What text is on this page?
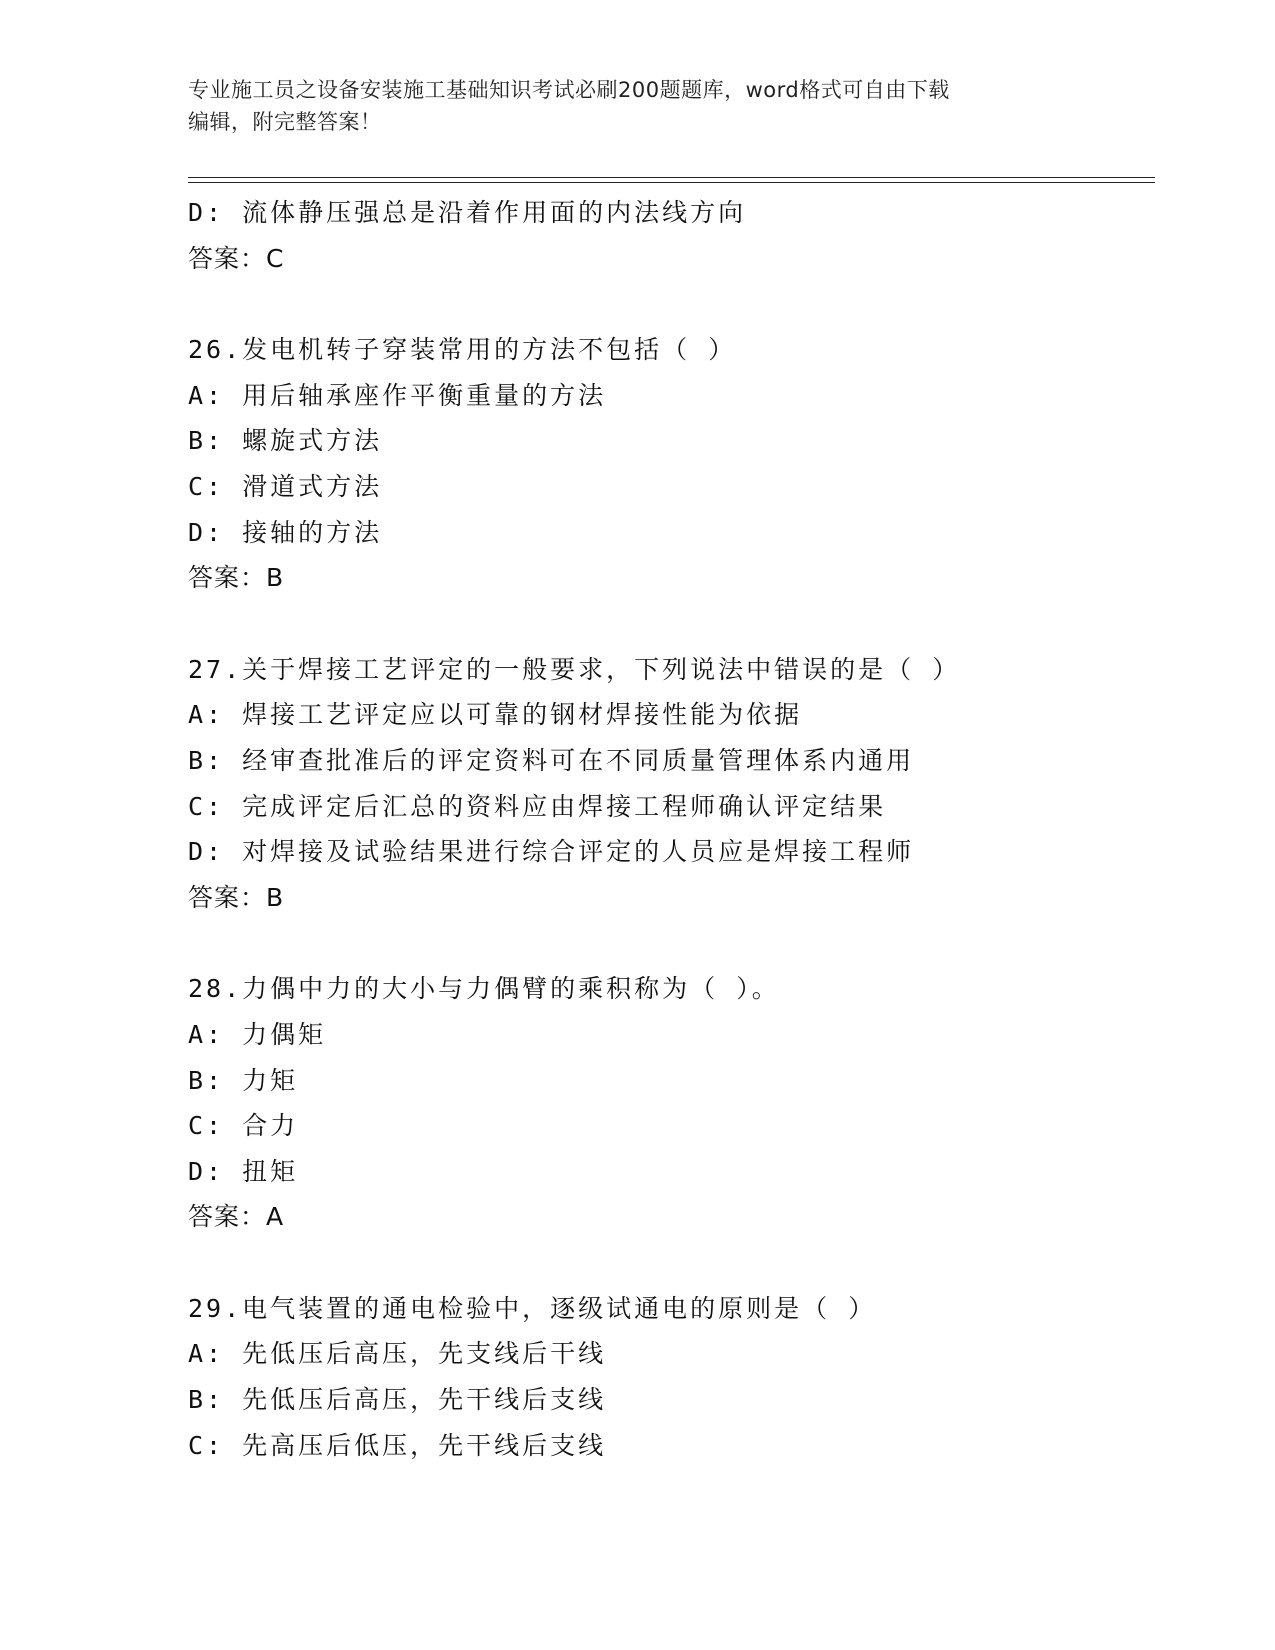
专业施工员之设备安装施工基础知识考试必刷200题题库，word格式可自由下载
编辑，附完整答案！
D: 流体静压强总是沿着作用面的内法线方向
答案：C
26.发电机转子穿装常用的方法不包括（ ）
A: 用后轴承座作平衡重量的方法
B: 螺旋式方法
C: 滑道式方法
D: 接轴的方法
答案：B
27.关于焊接工艺评定的一般要求，下列说法中错误的是（ ）
A: 焊接工艺评定应以可靠的钢材焊接性能为依据
B: 经审查批准后的评定资料可在不同质量管理体系内通用
C: 完成评定后汇总的资料应由焊接工程师确认评定结果
D: 对焊接及试验结果进行综合评定的人员应是焊接工程师
答案：B
28.力偶中力的大小与力偶臂的乘积称为（ ）。
A: 力偶矩
B: 力矩
C: 合力
D: 扭矩
答案：A
29.电气装置的通电检验中，逐级试通电的原则是（ ）
A: 先低压后高压，先支线后干线
B: 先低压后高压，先干线后支线
C: 先高压后低压，先干线后支线
